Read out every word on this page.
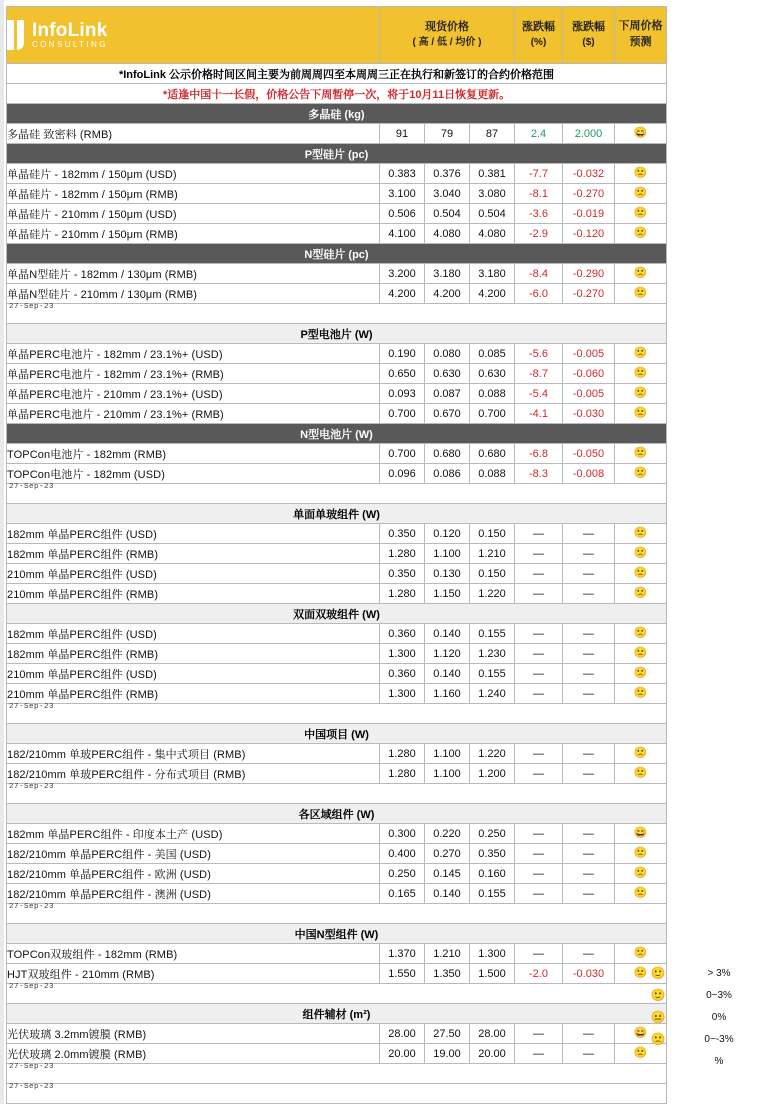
InfoLink
CONSULTING

现货价格
( 高 / 低 / 均价 )

涨跌幅
(%)

涨跌幅
($)

下周价格
预测

*InfoLink 公示价格时间区间主要为前周周四至本周周三正在执行和新签订的合约价格范围						
*适逢中国十一长假，价格公告下周暂停一次，将于10月11日恢复更新。						
多晶硅 (kg)						
多晶硅 致密料 (RMB)	91	79	87	2.4	2.000	😄
P型硅片 (pc)						
单晶硅片 - 182mm / 150μm (USD)	0.383	0.376	0.381	-7.7	-0.032	🙁
单晶硅片 - 182mm / 150μm (RMB)	3.100	3.040	3.080	-8.1	-0.270	🙁
单晶硅片 - 210mm / 150μm (USD)	0.506	0.504	0.504	-3.6	-0.019	🙁
单晶硅片 - 210mm / 150μm (RMB)	4.100	4.080	4.080	-2.9	-0.120	🙁
N型硅片 (pc)						
单晶N型硅片 - 182mm / 130μm (RMB)	3.200	3.180	3.180	-8.4	-0.290	🙁
单晶N型硅片 - 210mm / 130μm (RMB)	4.200	4.200	4.200	-6.0	-0.270	🙁

27-Sep-23						

P型电池片 (W)						
单晶PERC电池片 - 182mm / 23.1%+ (USD)	0.190	0.080	0.085	-5.6	-0.005	🙁
单晶PERC电池片 - 182mm / 23.1%+ (RMB)	0.650	0.630	0.630	-8.7	-0.060	🙁
单晶PERC电池片 - 210mm / 23.1%+ (USD)	0.093	0.087	0.088	-5.4	-0.005	🙁
单晶PERC电池片 - 210mm / 23.1%+ (RMB)	0.700	0.670	0.700	-4.1	-0.030	🙁
N型电池片 (W)						
TOPCon电池片 - 182mm (RMB)	0.700	0.680	0.680	-6.8	-0.050	🙁
TOPCon电池片 - 182mm (USD)	0.096	0.086	0.088	-8.3	-0.008	🙁

27-Sep-23						

单面单玻组件 (W)						
182mm 单晶PERC组件 (USD)	0.350	0.120	0.150	—	—	🙁
182mm 单晶PERC组件 (RMB)	1.280	1.100	1.210	—	—	🙁
210mm 单晶PERC组件 (USD)	0.350	0.130	0.150	—	—	🙁
210mm 单晶PERC组件 (RMB)	1.280	1.150	1.220	—	—	🙁
双面双玻组件 (W)						
182mm 单晶PERC组件 (USD)	0.360	0.140	0.155	—	—	🙁
182mm 单晶PERC组件 (RMB)	1.300	1.120	1.230	—	—	🙁
210mm 单晶PERC组件 (USD)	0.360	0.140	0.155	—	—	🙁
210mm 单晶PERC组件 (RMB)	1.300	1.160	1.240	—	—	🙁

27-Sep-23						

中国项目 (W)						
182/210mm 单玻PERC组件 - 集中式项目 (RMB)	1.280	1.100	1.220	—	—	🙁
182/210mm 单玻PERC组件 - 分布式项目 (RMB)	1.280	1.100	1.200	—	—	🙁

27-Sep-23						

各区域组件 (W)						
182mm 单晶PERC组件 - 印度本土产 (USD)	0.300	0.220	0.250	—	—	😄
182/210mm 单晶PERC组件 - 美国 (USD)	0.400	0.270	0.350	—	—	🙁
182/210mm 单晶PERC组件 - 欧洲 (USD)	0.250	0.145	0.160	—	—	🙁
182/210mm 单晶PERC组件 - 澳洲 (USD)	0.165	0.140	0.155	—	—	🙁

27-Sep-23						

中国N型组件 (W)						
TOPCon双玻组件 - 182mm (RMB)	1.370	1.210	1.300	—	—	🙁
HJT双玻组件 - 210mm (RMB)	1.550	1.350	1.500	-2.0	-0.030	🙁

27-Sep-23						

组件辅材 (m²)						
光伏玻璃 3.2mm镀膜 (RMB)	28.00	27.50	28.00	—	—	😄
光伏玻璃 2.0mm镀膜 (RMB)	20.00	19.00	20.00	—	—	🙁

27-Sep-23						

27-Sep-23						
🙂	> 3%
🙂	0~3%
😐	0%
🙁	0~-3%
%
